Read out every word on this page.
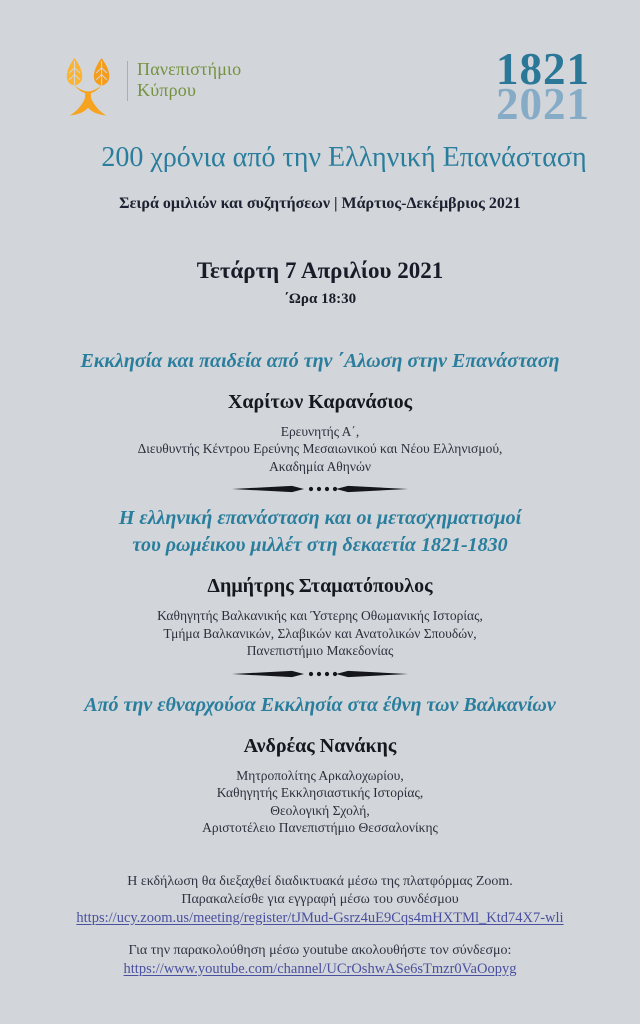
Πανεπιστήμιο
Κύπρου	1821
2021
200 χρόνια από την Ελληνική Επανάσταση
Σειρά ομιλιών και συζητήσεων | Μάρτιος-Δεκέμβριος 2021
Τετάρτη 7 Απριλίου 2021
΄Ωρα 18:30
Εκκλησία και παιδεία από την ΄Αλωση στην Επανάσταση
Χαρίτων Καρανάσιος
Ερευνητής Α΄,
Διευθυντής Κέντρου Ερεύνης Μεσαιωνικού και Νέου Ελληνισμού,
Ακαδημία Αθηνών
Η ελληνική επανάσταση και οι μετασχηματισμοί
του ρωμέικου μιλλέτ στη δεκαετία 1821-1830
Δημήτρης Σταματόπουλος
Καθηγητής Βαλκανικής και Ύστερης Οθωμανικής Ιστορίας,
Τμήμα Βαλκανικών, Σλαβικών και Ανατολικών Σπουδών,
Πανεπιστήμιο Μακεδονίας
Από την εθναρχούσα Εκκλησία στα έθνη των Βαλκανίων
Ανδρέας Νανάκης
Μητροπολίτης Αρκαλοχωρίου,
Καθηγητής Εκκλησιαστικής Ιστορίας,
Θεολογική Σχολή,
Αριστοτέλειο Πανεπιστήμιο Θεσσαλονίκης
Η εκδήλωση θα διεξαχθεί διαδικτυακά μέσω της πλατφόρμας Zoom.
Παρακαλείσθε για εγγραφή μέσω του συνδέσμου
https://ucy.zoom.us/meeting/register/tJMud-Gsrz4uE9Cqs4mHXTMl_Ktd74X7-wli
Για την παρακολούθηση μέσω youtube ακολουθήστε τον σύνδεσμο:
https://www.youtube.com/channel/UCrOshwASe6sTmzr0VaOopyg
